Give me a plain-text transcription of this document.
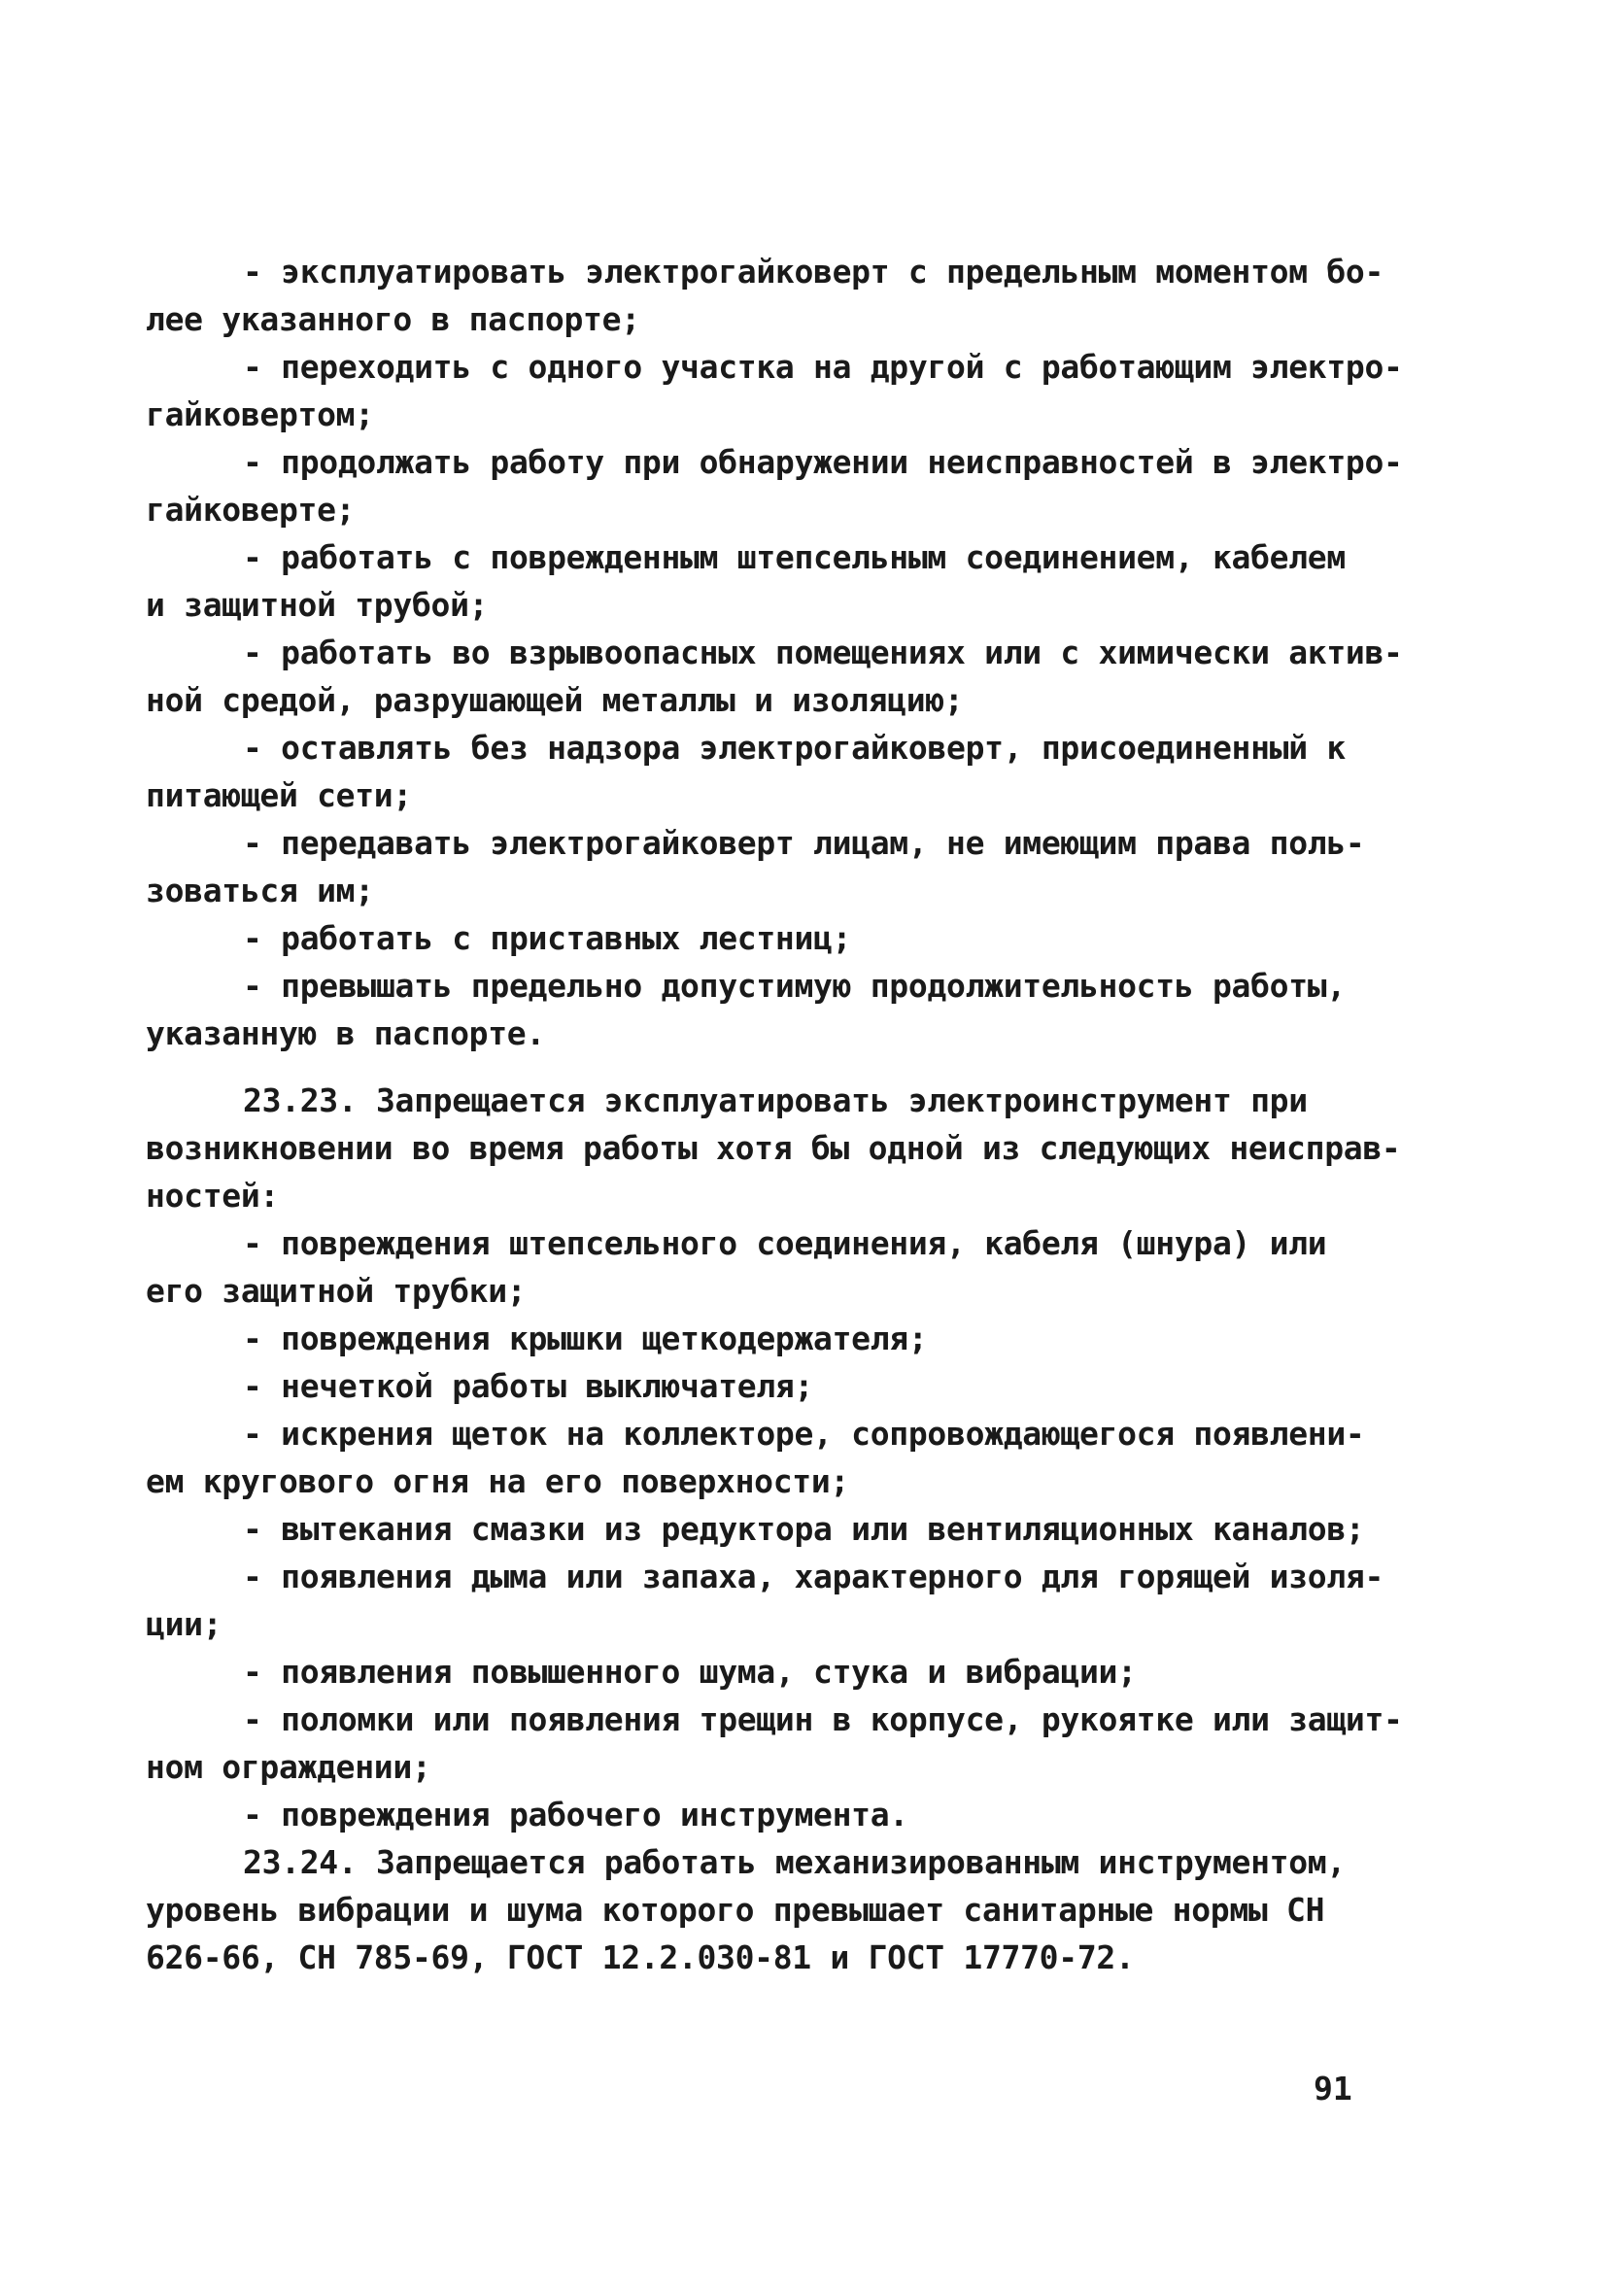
- эксплуатировать электрогайковерт с предельным моментом бо-
лее указанного в паспорте;
- переходить с одного участка на другой с работающим электро-
гайковертом;
- продолжать работу при обнаружении неисправностей в электро-
гайковерте;
- работать с поврежденным штепсельным соединением, кабелем
и защитной трубой;
- работать во взрывоопасных помещениях или с химически актив-
ной средой, разрушающей металлы и изоляцию;
- оставлять без надзора электрогайковерт, присоединенный к
питающей сети;
- передавать электрогайковерт лицам, не имеющим права поль-
зоваться им;
- работать с приставных лестниц;
- превышать предельно допустимую продолжительность работы,
указанную в паспорте.
23.23. Запрещается эксплуатировать электроинструмент при
возникновении во время работы хотя бы одной из следующих неиспрaв-
ностей:
- повреждения штепсельного соединения, кабеля (шнура) или
его защитной трубки;
- повреждения крышки щеткодержателя;
- нечеткой работы выключателя;
- искрения щеток на коллекторе, сопровождающегося появлени-
ем кругового огня на его поверхности;
- вытекания смазки из редуктора или вентиляционных каналов;
- появления дыма или запаха, характерного для горящей изоля-
ции;
- появления повышенного шума, стука и вибрации;
- поломки или появления трещин в корпусе, рукоятке или защит-
ном ограждении;
- повреждения рабочего инструмента.
23.24. Запрещается работать механизированным инструментом,
уровень вибрации и шума которого превышает санитарные нормы СН
626-66, СН 785-69, ГОСТ 12.2.030-81 и ГОСТ 17770-72.
91
